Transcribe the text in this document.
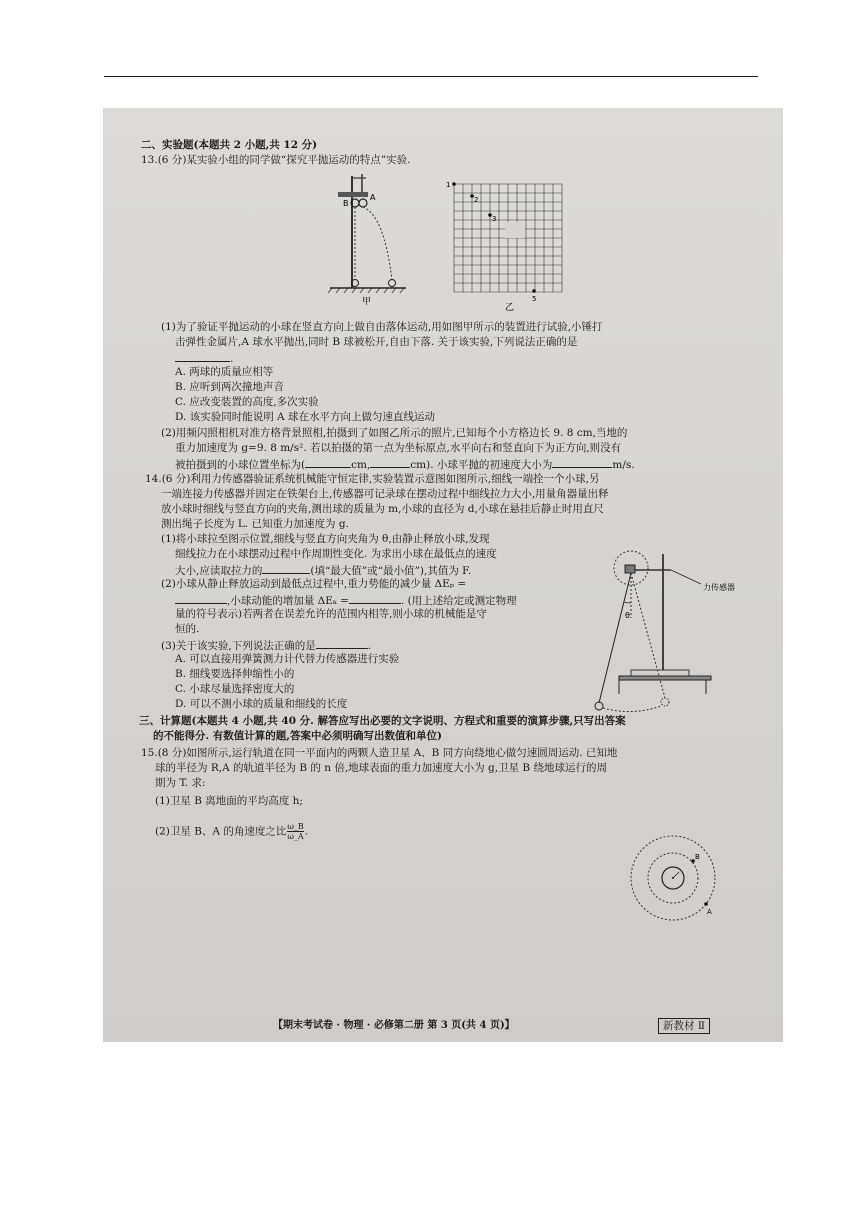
二、实验题(本题共 2 小题,共 12 分)
13.(6 分)某实验小组的同学做“探究平抛运动的特点”实验.
B
A
甲
1
2
3
5
乙
(1)为了验证平抛运动的小球在竖直方向上做自由落体运动,用如图甲所示的装置进行试验,小锤打
击弹性金属片,A 球水平抛出,同时 B 球被松开,自由下落. 关于该实验,下列说法正确的是
.
A. 两球的质量应相等
B. 应听到两次撞地声音
C. 应改变装置的高度,多次实验
D. 该实验同时能说明 A 球在水平方向上做匀速直线运动
(2)用频闪照相机对准方格背景照相,拍摄到了如图乙所示的照片,已知每个小方格边长 9. 8 cm,当地的
重力加速度为 g=9. 8 m/s². 若以拍摄的第一点为坐标原点,水平向右和竖直向下为正方向,则没有
被拍摄到的小球位置坐标为(	cm,	cm). 小球平抛的初速度大小为	m/s.
14.(6 分)利用力传感器验证系统机械能守恒定律,实验装置示意图如图所示,细线一端拴一个小球,另
一端连接力传感器并固定在铁架台上,传感器可记录球在摆动过程中细线拉力大小,用量角器量出释
放小球时细线与竖直方向的夹角,测出球的质量为 m,小球的直径为 d,小球在悬挂后静止时用直尺
测出绳子长度为 L. 已知重力加速度为 g.
(1)将小球拉至图示位置,细线与竖直方向夹角为 θ,由静止释放小球,发现
细线拉力在小球摆动过程中作周期性变化. 为求出小球在最低点的速度
大小,应读取拉力的	(填“最大值”或“最小值”),其值为 F.
(2)小球从静止释放运动到最低点过程中,重力势能的减少量 ΔEₚ =
,小球动能的增加量 ΔEₖ =	. (用上述给定或测定物理
量的符号表示)若两者在误差允许的范围内相等,则小球的机械能是守
恒的.
(3)关于该实验,下列说法正确的是	.
A. 可以直接用弹簧测力计代替力传感器进行实验
B. 细线要选择伸缩性小的
C. 小球尽量选择密度大的
D. 可以不测小球的质量和细线的长度
θ
力传感器
三、计算题(本题共 4 小题,共 40 分. 解答应写出必要的文字说明、方程式和重要的演算步骤,只写出答案
的不能得分. 有数值计算的题,答案中必须明确写出数值和单位)
15.(8 分)如图所示,运行轨道在同一平面内的两颗人造卫星 A、B 同方向绕地心做匀速圆周运动. 已知地
球的半径为 R,A 的轨道半径为 B 的 n 倍,地球表面的重力加速度大小为 g,卫星 B 绕地球运行的周
期为 T. 求:
(1)卫星 B 离地面的平均高度 h;
(2)卫星 B、A 的角速度之比 $\frac{\omega\_B}{\omega\_A}$ .
B
A
【期末考试卷 · 物理 · 必修第二册 第 3 页(共 4 页)】	新教材 Ⅱ
